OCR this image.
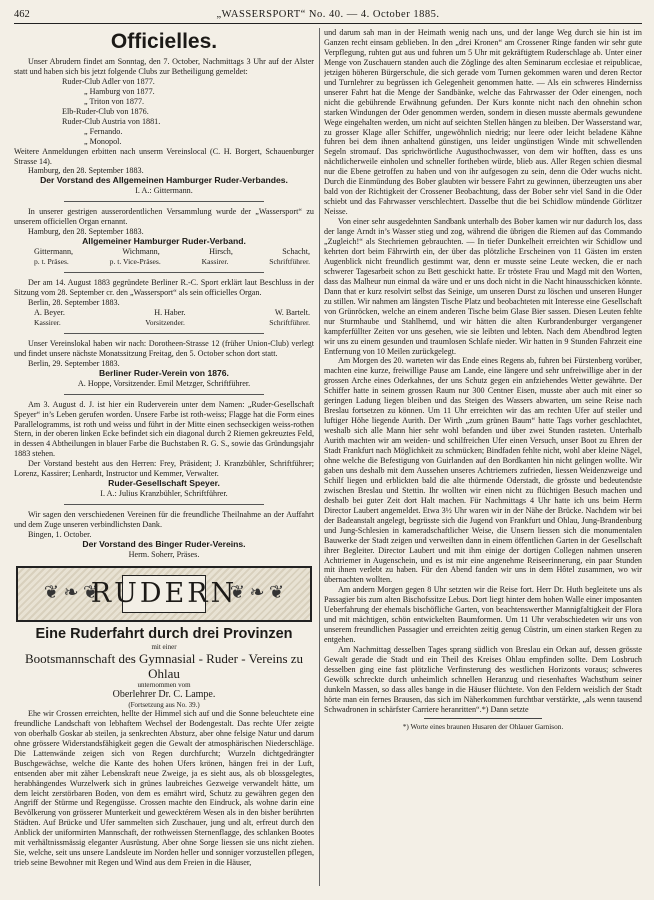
462	„WASSERSPORT“ No. 40. — 4. October 1885.
Officielles.

Unser Abrudern findet am Sonntag, den 7. October, Nachmittags 3 Uhr auf der Alster statt und haben sich bis jetzt folgende Clubs zur Betheiligung gemeldet:

Ruder-Club Adler von 1877.

„ Hamburg von 1877.

„ Triton von 1877.

Elb-Ruder-Club von 1876.

Ruder-Club Austria von 1881.

„ Fernando.

„ Monopol.

Weitere Anmeldungen erbitten nach unserm Vereinslocal (C. H. Borgert, Schauenburger Strasse 14).

Hamburg, den 28. September 1883.

Der Vorstand des Allgemeinen Hamburger Ruder-Verbandes.
I. A.: Gittermann.

In unserer gestrigen ausserordentlichen Versammlung wurde der „Wassersport“ zu unserem officiellen Organ ernannt.

Hamburg, den 28. September 1883.

Allgemeiner Hamburger Ruder-Verband.
Gittermann,	Wichmann,	Hirsch,	Schacht,
p. t. Präses.	p. t. Vice-Präses.	Kassirer.	Schriftführer.

Der am 14. August 1883 gegründete Berliner R.-C. Sport erklärt laut Beschluss in der Sitzung vom 28. September cr. den „Wassersport“ als sein officielles Organ.

Berlin, 28. September 1883.

A. Beyer.	H. Haber.	W. Bartelt.
Kassirer.	Vorsitzender.	Schriftführer.

Unser Vereinslokal haben wir nach: Dorotheen-Strasse 12 (früher Union-Club) verlegt und findet unsere nächste Monatssitzung Freitag, den 5. October schon dort statt.

Berlin, 29. September 1883.

Berliner Ruder-Verein von 1876.
A. Hoppe, Vorsitzender. Emil Metzger, Schriftführer.

Am 3. August d. J. ist hier ein Ruderverein unter dem Namen: „Ruder-Gesellschaft Speyer“ in’s Leben gerufen worden. Unsere Farbe ist roth-weiss; Flagge hat die Form eines Parallelogramms, ist roth und weiss und führt in der Mitte einen sechseckigen weiss-rothen Stern, in der oberen linken Ecke befindet sich ein diagonal durch 2 Riemen gekreuztes Feld, in dessen 4 Abtheilungen in blauer Farbe die Buchstaben R. G. S., sowie das Gründungsjahr 1883 stehen.

Der Vorstand besteht aus den Herren: Frey, Präsident; J. Kranzbühler, Schriftführer; Lorenz, Kassirer; Lenhardt, Instructor und Kemmer, Verwalter.

Ruder-Gesellschaft Speyer.
I. A.: Julius Kranzbühler, Schriftführer.

Wir sagen den verschiedenen Vereinen für die freundliche Theilnahme an der Auffahrt und dem Zuge unseren verbindlichsten Dank.

Bingen, 1. October.

Der Vorstand des Binger Ruder-Vereins.
Herm. Soherr, Präses.
❦ ❧ ❦
RUDERN
❦ ❧ ❦
Eine Ruderfahrt durch drei Provinzen
mit einer
Bootsmannschaft des Gymnasial - Ruder - Vereins zu Ohlau
unternommen vom
Oberlehrer Dr. C. Lampe.
(Fortsetzung aus No. 39.)

Ehe wir Crossen erreichten, hellte der Himmel sich auf und die Sonne beleuchtete eine freundliche Landschaft von lebhaftem Wechsel der Bodengestalt. Das rechte Ufer zeigte von oberhalb Goskar ab steilen, ja senkrechten Absturz, aber ohne felsige Natur und darum ohne grössere Widerstandsfähigkeit gegen die Gewalt der atmosphärischen Niederschläge. Die Lattenwände zeigen sich von Regen durchfurcht; Wurzeln dichtgedrängter Buschgewächse, welche die Kante des hohen Ufers krönen, hängen frei in der Luft, entsenden aber mit zäher Lebenskraft neue Zweige, ja es sieht aus, als ob blossgelegtes, herabhängendes Wurzelwerk sich in grünes laubreiches Gezweige verwandelt hätte, um dem leicht zerstörbaren Boden, von dem es ernährt wird, Schutz zu gewähren gegen den Angriff der Stürme und Regengüsse. Crossen machte den Eindruck, als wohne darin eine Bevölkerung von grösserer Munterkeit und gewecktérem Wesen als in den bisher berührten Städten. Auf Brücke und Ufer sammelten sich Zuschauer, jung und alt, erfreut durch den Anblick der uniformirten Mannschaft, der rothweissen Sternenflagge, des schlanken Bootes mit verhältnissmässig eleganter Ausrüstung. Aber ohne Sorge liessen sie uns nicht ziehen. Sie, welche, seit uns unsere Landsleute im Norden heller und sonniger vorzustellen pflegen, trieb seine Bewohner mit Regen und Wind aus dem Freien in die Häuser,

und darum sah man in der Heimath wenig nach uns, und der lange Weg durch sie hin ist im Ganzen recht einsam geblieben. In den „drei Kronen“ am Crossener Ringe fanden wir sehr gute Verpflegung, ruhten gut aus und fuhren um 5 Uhr mit gekräftigtem Ruderschlage ab. Unter einer Menge von Zuschauern standen auch die Zöglinge des alten Seminarum ecclesiae et reipublicae, jetzigen höheren Bürgerschule, die sich gerade vom Turnen gekommen waren und deren Rector und Turnlehrer zu begrüssen ich Gelegenheit genommen hatte. — Als ein schweres Hinderniss unserer Fahrt hat die Menge der Sandbänke, welche das Fahrwasser der Oder einengen, noch nicht die gebührende Erwähnung gefunden. Der Kurs konnte nicht nach den ohnehin schon starken Windungen der Oder genommen werden, sondern in diesen musste abermals gewundene Wege eingehalten werden, um nicht auf seichten Stellen hängen zu bleiben. Der Wasserstand war, zu grosser Klage aller Schiffer, ungewöhnlich niedrig; nur leere oder leicht beladene Kähne fuhren bei dem ihnen anhaltend günstigen, uns leider ungünstigen Winde mit schwellenden Segeln stromauf. Das sprichwörtliche Augusthochwasser, von dem wir hofften, dass es uns nächtlicherweile einholen und schneller fortheben würde, blieb aus. Aller Regen schien diesmal nur die Ebene getroffen zu haben und von ihr aufgesogen zu sein, denn die Oder wuchs nicht. Durch die Einmündung des Bober glaubten wir bessere Fahrt zu gewinnen, überzeugten uns aber bald von der Richtigkeit der Crossener Beobachtung, dass der Bober sehr viel Sand in die Oder schiebt und das Fahrwasser verschlechtert. Dasselbe thut die bei Schidlow mündende Görlitzer Neisse.

Von einer sehr ausgedehnten Sandbank unterhalb des Bober kamen wir nur dadurch los, dass der lange Arndt in’s Wasser stieg und zog, während die übrigen die Riemen auf das Commando „Zugleich!“ als Stechriemen gebrauchten. — In tiefer Dunkelheit erreichten wir Schidlow und kehrten dort beim Fährwirth ein, der über das plötzliche Erscheinen von 11 Gästen im ersten Augenblick nicht freundlich gestimmt war, denn er musste seine Leute wecken, die er nach schwerer Tagesarbeit schon zu Bett geschickt hatte. Er tröstete Frau und Magd mit den Worten, dass das Malheur nun einmal da wäre und er uns doch nicht in die Nacht hinausschicken könnte. Dann that er kurz resolvirt selbst das Seinige, um unseren Durst zu löschen und unseren Hunger zu stillen. Wir nahmen am längsten Tische Platz und beobachteten mit Interesse eine Gesellschaft von Grünröcken, welche an einem anderen Tische beim Glase Bier sassen. Diesen Leuten fehlte nur Sturmhaube und Stahlhemd, und wir hätten die alten Kurbrandenburger vergangener kampferfüllter Zeiten vor uns gesehen, wie sie leibten und lebten. Nach dem Abendbrod legten wir uns zu einem gesunden und traumlosen Schlafe nieder. Wir hatten in 9 Stunden Fahrzeit eine Entfernung von 10 Meilen zurückgelegt.

Am Morgen des 20. warteten wir das Ende eines Regens ab, fuhren bei Fürstenberg vorüber, machten eine kurze, freiwillige Pause am Lande, eine längere und sehr unfreiwillige aber in der grossen Arche eines Oderkahnes, der uns Schutz gegen ein anfziehendes Wetter gewährte. Der Schiffer hatte in seinem grossen Raum nur 300 Centner Eisen, musste aber auch mit einer so geringen Ladung liegen bleiben und das Steigen des Wassers abwarten, um seine Reise nach Breslau fortsetzen zu können. Um 11 Uhr erreichten wir das am rechten Ufer auf steiler und luftiger Höhe liegende Aurith. Der Wirth „zum grünen Baum“ hatte Tags vorher geschlachtet, weshalb sich alle Mann hier sehr wohl befanden und über zwei Stunden rasteten. Unterhalb Aurith machten wir am weiden- und schilfreichen Ufer einen Versuch, unser Boot zu Ehren der Stadt Frankfurt nach Möglichkeit zu schmücken; Bindfaden fehlte nicht, wohl aber kleine Nägel, ohne welche die Befestigung von Guirlanden auf den Bordkanten hin nicht gelingen wollte. Wir gaben uns deshalb mit dem Aussehen unseres Achtriemers zufrieden, liessen Weidenzweige und Schilf liegen und erblickten bald die alte thürmende Oderstadt, die grösste und bedeutendste zwischen Breslau und Stettin. Ihr wollten wir einen nicht zu flüchtigen Besuch machen und deshalb bei guter Zeit dort Halt machen. Für Nachmittags 4 Uhr hatte ich uns beim Herrn Director Laubert angemeldet. Etwa 3½ Uhr waren wir in der Nähe der Brücke. Nachdem wir bei der Badeanstalt angelegt, begrüsste sich die Jugend von Frankfurt und Ohlau, Jung-Brandenburg und Jung-Schlesien in kameradschaftlicher Weise, die Unsern liessen sich die monumentalen Bauwerke der Stadt zeigen und verweilten dann in einem öffentlichen Garten in der Gesellschaft ihrer Begleiter. Director Laubert und mit ihm einige der dortigen Collegen nahmen unseren Achtriemer in Augenschein, und es ist mir eine angenehme Reiseerinnerung, ein paar Stunden mit ihnen verlebt zu haben. Für den Abend fanden wir uns in dem Hôtel zusammen, wo wir übernachten wollten.

Am andern Morgen gegen 8 Uhr setzten wir die Reise fort. Herr Dr. Huth begleitete uns als Passagier bis zum alten Bischofssitze Lebus. Dort liegt hinter dem hohen Walle einer imposanten Ueberfahrung der ehemals bischöfliche Garten, von beachtenswerther Mannigfaltigkeit der Flora und mit mächtigen, schön entwickelten Baumformen. Um 11 Uhr verabschiedeten wir uns von unserem freundlichen Passagier und erreichten zeitig genug Cüstrin, um einen starken Regen zu entgehen.

Am Nachmittag desselben Tages sprang südlich von Breslau ein Orkan auf, dessen grösste Gewalt gerade die Stadt und ein Theil des Kreises Ohlau empfinden sollte. Dem Losbruch desselben ging eine fast plötzliche Verfinsterung des westlichen Horizonts voraus; schweres Gewölk schreckte durch unheimlich schnellen Heranzug und riesenhaftes Wachsthum seiner dunkeln Massen, so dass alles bange in die Häuser flüchtete. Von den Feldern weislich der Stadt hörte man ein fernes Brausen, das sich im Näherkommen furchtbar verstärkte, „als wenn tausend Schwadronen in schärfster Carriere heranritten“.*) Dann setzte

*) Worte eines braunen Husaren der Ohlauer Garnison.
